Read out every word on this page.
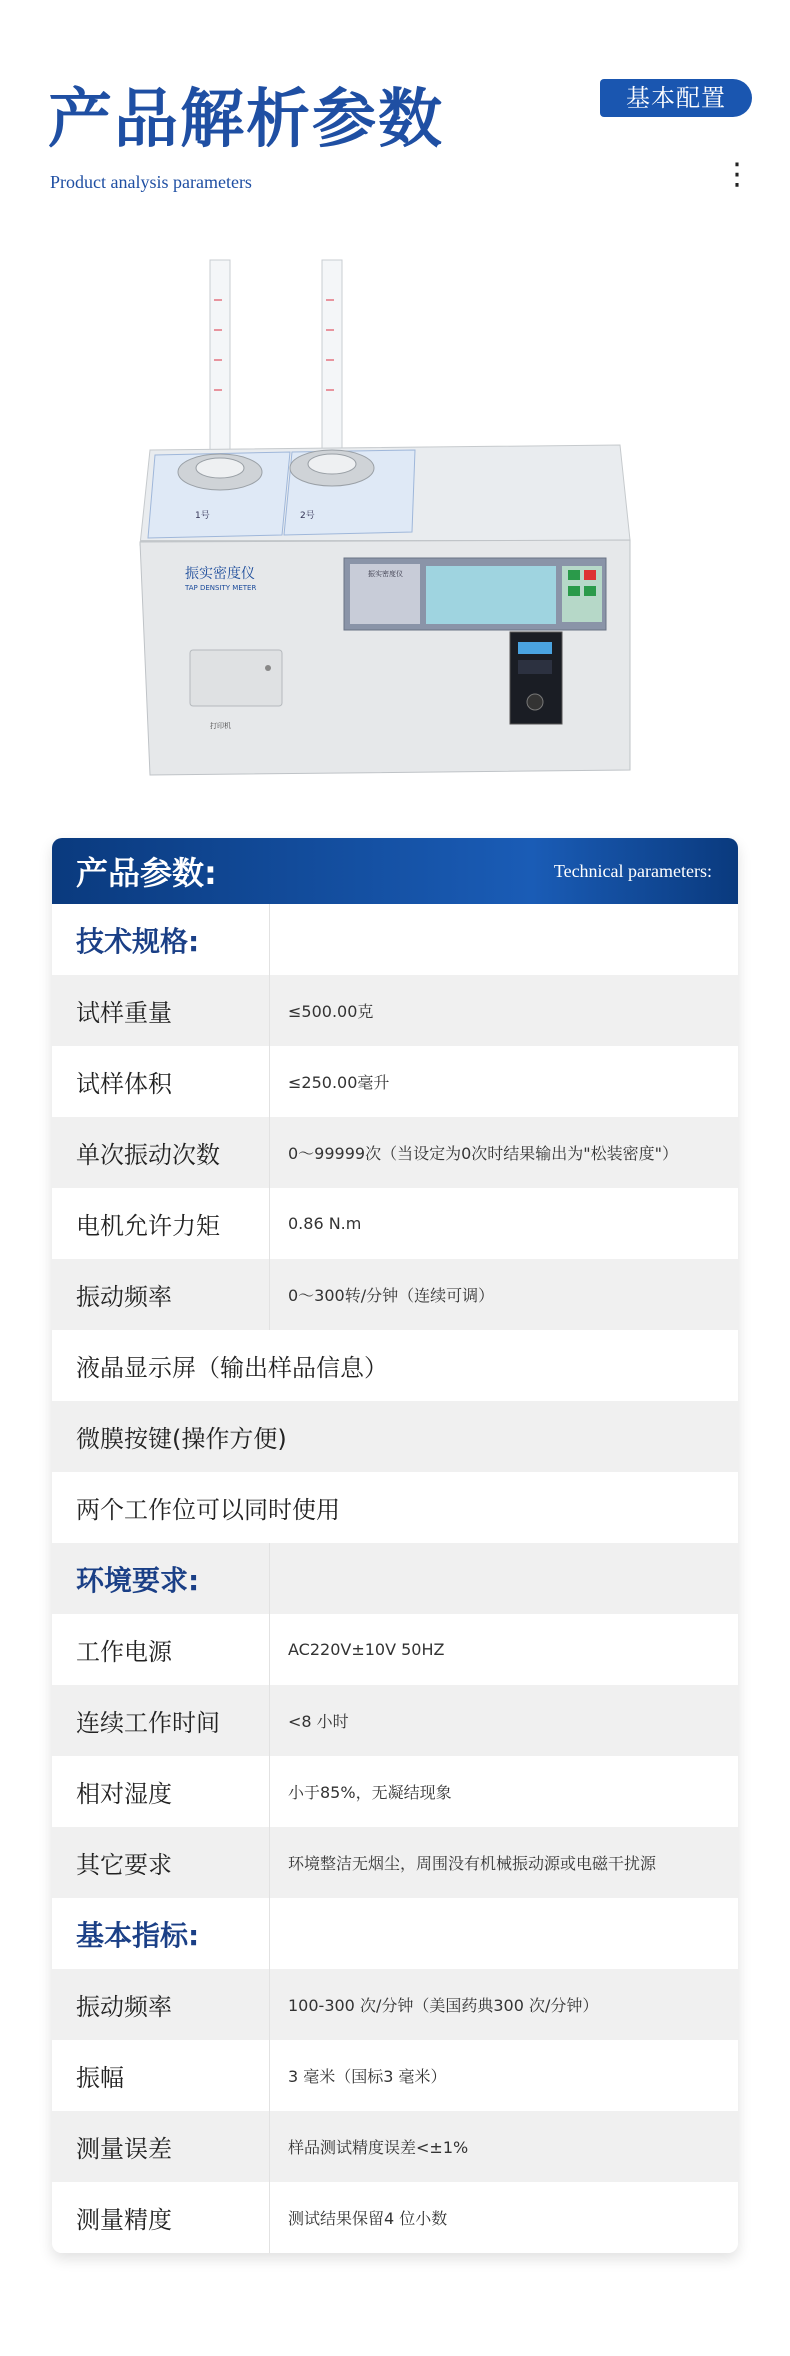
产品解析参数
Product analysis parameters
基本配置
⋮
1号	2号
振实密度仪
TAP DENSITY METER
振实密度仪
打印机
产品参数:	Technical parameters:
技术规格:
试样重量	≤500.00克
试样体积	≤250.00毫升
单次振动次数	0～99999次（当设定为0次时结果输出为"松装密度"）
电机允许力矩	0.86 N.m
振动频率	0～300转/分钟（连续可调）
液晶显示屏（输出样品信息）
微膜按键(操作方便)
两个工作位可以同时使用
环境要求:
工作电源	AC220V±10V 50HZ
连续工作时间	<8 小时
相对湿度	小于85%，无凝结现象
其它要求	环境整洁无烟尘，周围没有机械振动源或电磁干扰源
基本指标:
振动频率	100-300 次/分钟（美国药典300 次/分钟）
振幅	3 毫米（国标3 毫米）
测量误差	样品测试精度误差<±1%
测量精度	测试结果保留4 位小数
